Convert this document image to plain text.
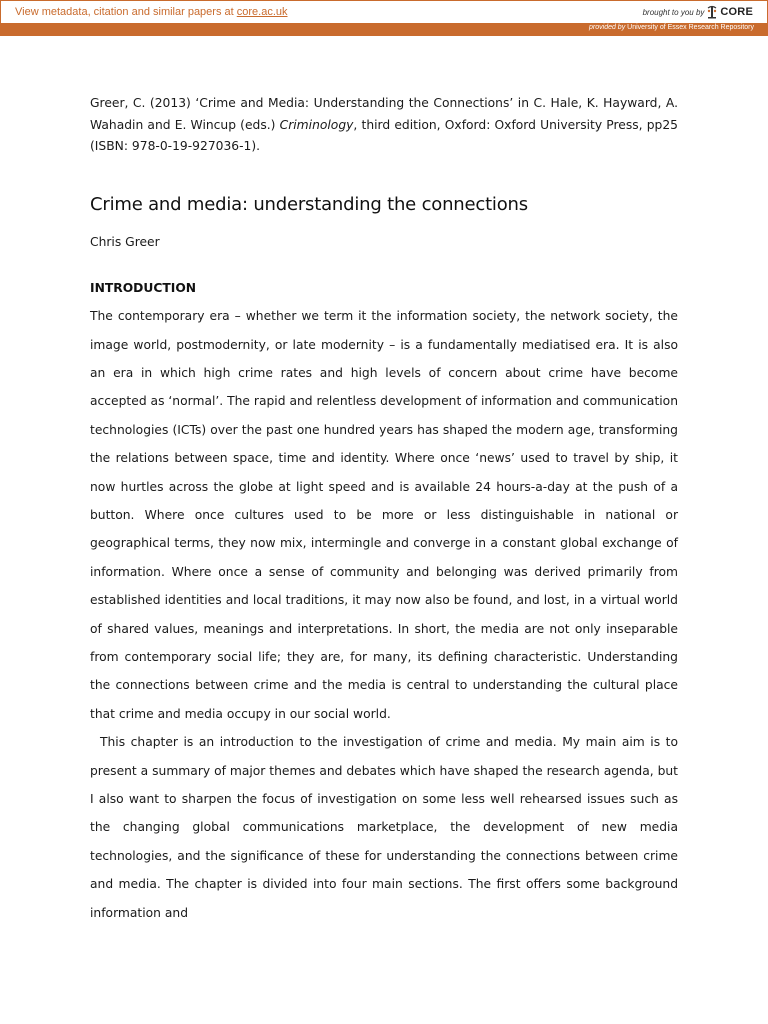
View metadata, citation and similar papers at core.ac.uk	brought to you by CORE
provided by University of Essex Research Repository

Greer, C. (2013) ‘Crime and Media: Understanding the Connections’ in C. Hale, K. Hayward, A. Wahadin and E. Wincup (eds.) Criminology, third edition, Oxford: Oxford University Press, pp25 (ISBN: 978-0-19-927036-1).

Crime and media: understanding the connections

Chris Greer

INTRODUCTION

The contemporary era – whether we term it the information society, the network society, the image world, postmodernity, or late modernity – is a fundamentally mediatised era. It is also an era in which high crime rates and high levels of concern about crime have become accepted as ‘normal’. The rapid and relentless development of information and communication technologies (ICTs) over the past one hundred years has shaped the modern age, transforming the relations between space, time and identity. Where once ‘news’ used to travel by ship, it now hurtles across the globe at light speed and is available 24 hours-a-day at the push of a button. Where once cultures used to be more or less distinguishable in national or geographical terms, they now mix, intermingle and converge in a constant global exchange of information. Where once a sense of community and belonging was derived primarily from established identities and local traditions, it may now also be found, and lost, in a virtual world of shared values, meanings and interpretations. In short, the media are not only inseparable from contemporary social life; they are, for many, its defining characteristic. Understanding the connections between crime and the media is central to understanding the cultural place that crime and media occupy in our social world.

This chapter is an introduction to the investigation of crime and media. My main aim is to present a summary of major themes and debates which have shaped the research agenda, but I also want to sharpen the focus of investigation on some less well rehearsed issues such as the changing global communications marketplace, the development of new media technologies, and the significance of these for understanding the connections between crime and media. The chapter is divided into four main sections. The first offers some background information and
